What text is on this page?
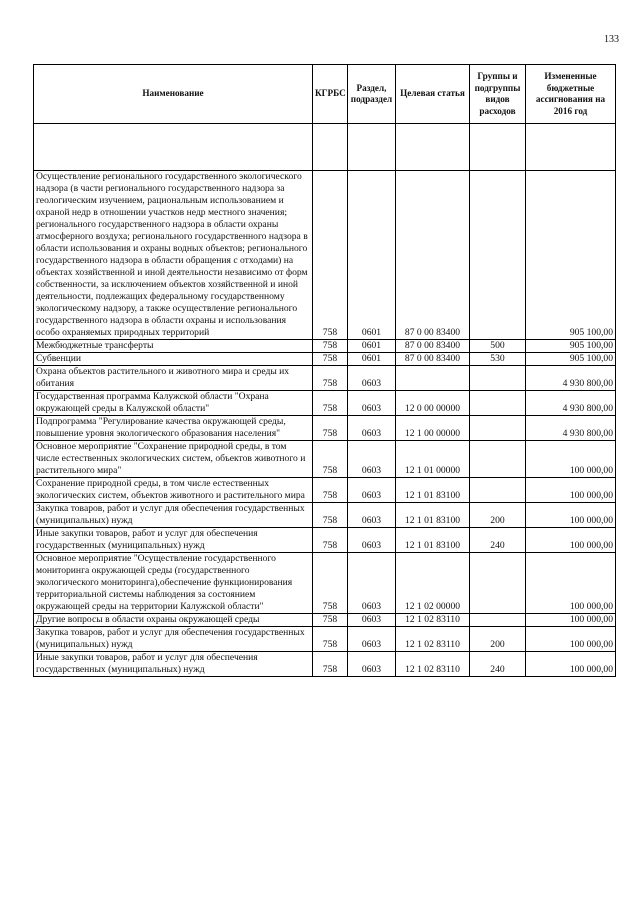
133
Наименование	КГРБС	Раздел, подраздел	Целевая статья	Группы и подгруппы видов расходов	Измененные бюджетные ассигнования на 2016 год

Осуществление регионального государственного экологического надзора (в части регионального государственного надзора за геологическим изучением, рациональным использованием и охраной недр в отношении участков недр местного значения; регионального государственного надзора в области охраны атмосферного воздуха; регионального государственного надзора в области использования и охраны водных объектов; регионального государственного надзора в области обращения с отходами) на объектах хозяйственной и иной деятельности независимо от форм собственности, за исключением объектов хозяйственной и иной деятельности, подлежащих федеральному государственному экологическому надзору, а также осуществление регионального государственного надзора в области охраны и использования особо охраняемых природных территорий	758	0601	87 0 00 83400		905 100,00
Межбюджетные трансферты	758	0601	87 0 00 83400	500	905 100,00
Субвенции	758	0601	87 0 00 83400	530	905 100,00
Охрана объектов растительного и животного мира и среды их обитания	758	0603			4 930 800,00
Государственная программа Калужской области "Охрана окружающей среды в Калужской области"	758	0603	12 0 00 00000		4 930 800,00
Подпрограмма "Регулирование качества окружающей среды, повышение уровня экологического образования населения"	758	0603	12 1 00 00000		4 930 800,00
Основное мероприятие "Сохранение природной среды, в том числе естественных экологических систем, объектов животного и растительного мира"	758	0603	12 1 01 00000		100 000,00
Сохранение природной среды, в том числе естественных экологических систем, объектов животного и растительного мира	758	0603	12 1 01 83100		100 000,00
Закупка товаров, работ и услуг для обеспечения государственных (муниципальных) нужд	758	0603	12 1 01 83100	200	100 000,00
Иные закупки товаров, работ и услуг для обеспечения государственных (муниципальных) нужд	758	0603	12 1 01 83100	240	100 000,00
Основное мероприятие "Осуществление государственного мониторинга окружающей среды (государственного экологического мониторинга),обеспечение функционирования территориальной системы наблюдения за состоянием окружающей среды на территории Калужской области"	758	0603	12 1 02 00000		100 000,00
Другие вопросы в области охраны окружающей среды	758	0603	12 1 02 83110		100 000,00
Закупка товаров, работ и услуг для обеспечения государственных (муниципальных) нужд	758	0603	12 1 02 83110	200	100 000,00
Иные закупки товаров, работ и услуг для обеспечения государственных (муниципальных) нужд	758	0603	12 1 02 83110	240	100 000,00
